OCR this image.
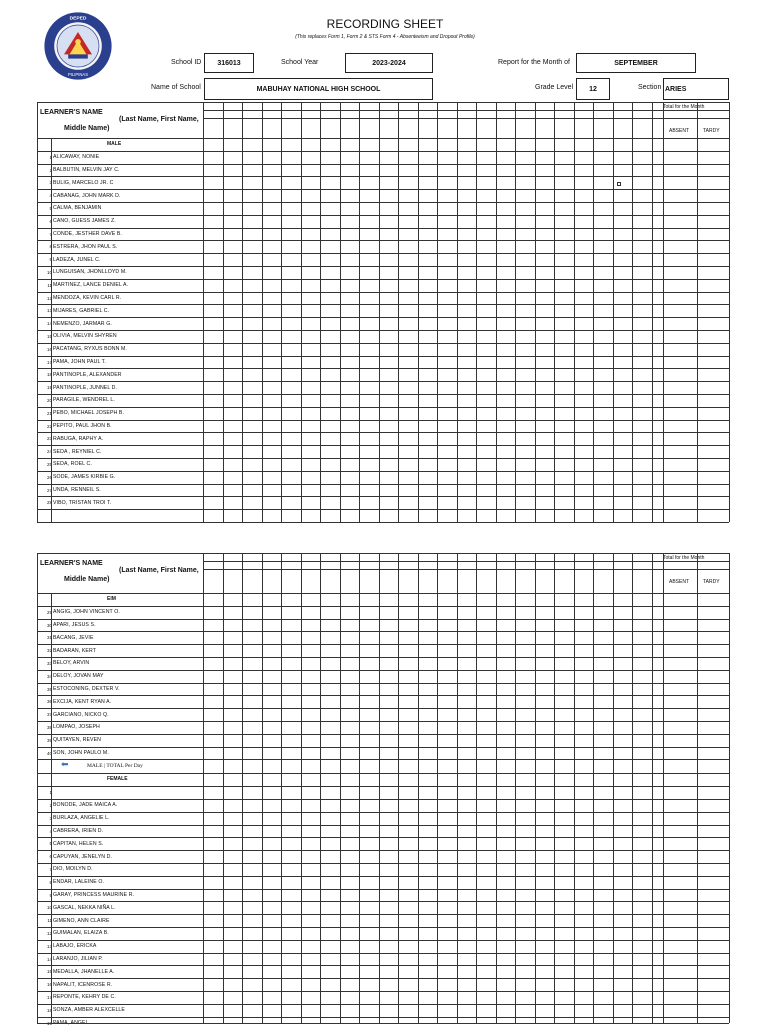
DEPED
PILIPINAS
RECORDING SHEET
(This replaces Form 1, Form 2 & STS Form 4 - Absenteeism and Dropout Profile)
School ID	316013	School Year	2023-2024	Report for the Month of	SEPTEMBER
Name of School	MABUHAY NATIONAL HIGH SCHOOL	Grade Level	12	Section ARIES
LEARNER'S NAME
(Last Name, First Name,
Middle Name)
Total for the Month
ABSENT	TARDY
MALE
1 ALICAWAY, NONIE
2 BALBUTIN, MELVIN JAY C.
3 BULIG, MARCELO JR. C
4 CABANAG, JOHN MARK D.
5 CALMA, BENJAMIN
6 CANO, GUESS JAMES Z.
7 CONDE, JESTHER DAVE B.
8 ESTRERA, JHON PAUL S.
9 LADEZA, JUNEL C.
10 LUNGUISAN, JHONLLOYD M.
11 MARTINEZ, LANCE DENIEL A.
12 MENDOZA, KEVIN CARL R.
13 MIJARES, GABRIEL C.
14 NEMENZO, JARMAR G.
15 OLIVIA, MELVIN SHYREN
16 PACATANG, RYXUS BONN M.
17 PAMA, JOHN PAUL T.
18 PANTINOPLE, ALEXANDER
19 PANTINOPLE, JUNNEL D.
20 PARAGILE, WENDREL L.
21 PEBO, MICHAEL JOSEPH B.
22 PEPITO, PAUL JHON B.
23 RABUGA, RAPHY A.
24 SEDA , REYNIEL C.
25 SEDA, ROEL C.
26 SODE, JAMES KIRBIE G.
27 UNDA, RENNEIL S.
28 VIBO, TRISTAN TROI T.
LEARNER'S NAME
(Last Name, First Name,
Middle Name)
Total for the Month
ABSENT	TARDY
EIM
29 ANGIG, JOHN VINCENT O.
30 APARI, JESUS S.
31 BACANG, JEVIE
32 BADARAN, KERT
33 BELOY, ARVIN
34 DELOY, JOVAN MAY
35 ESTOCONING, DEXTER V.
36 EXCIJA, KENT RYAN A.
37 GARCIANO, NICKO Q.
38 LOMPAO, JOSEPH
39 QUITAYEN, REVEN
40 SON, JOHN PAULO M.
⬅	MALE | TOTAL Per Day
FEMALE
1
2 BONODE, JADE MAICA A.
3 BURLAZA, ANGELIE L.
4 CABRERA, IRIEN D.
5 CAPITAN, HELEN S.
6 CAPUYAN, JENELYN D.
7 DIO, MOILYN D.
8 ENDAR, LALEINE O.
9 GARAY, PRINCESS MAURINE R.
10 GASCAL, NEKKA NIÑA L.
11 GIMENO, ANN CLAIRE
12 GUIMALAN, ELAIZA B.
13 LABAJO, ERICKA
14 LARANJO, JILIAN P.
15 MEDALLA, JHANELLE A.
16 NAPALIT, ICENROSE R.
17 REPONTE, KEHRY DE C.
18 SONZA, AMBER ALEXCELLE
19 PAMA, ANGEL
